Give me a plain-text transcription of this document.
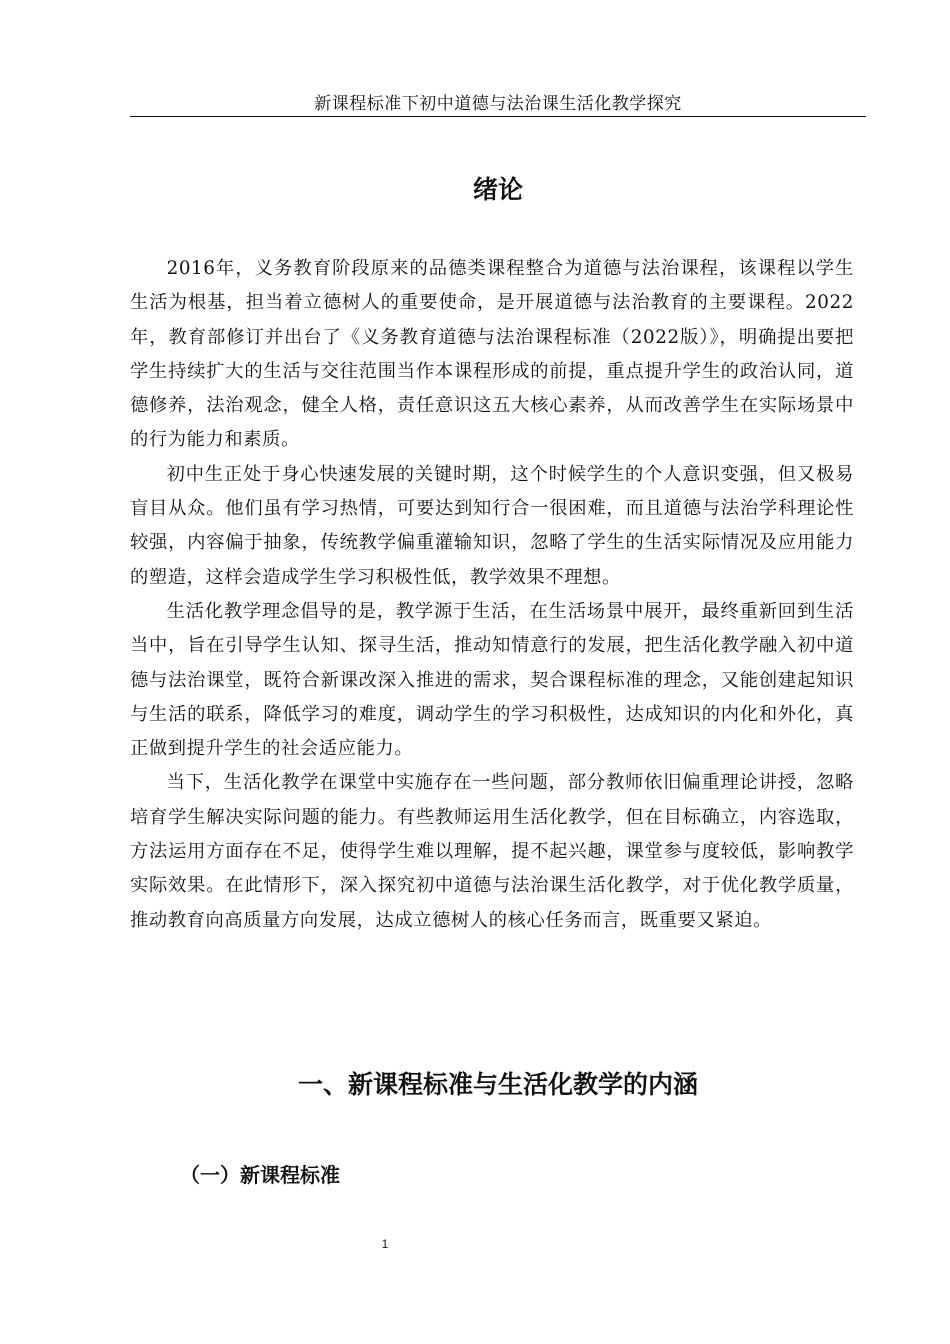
新课程标准下初中道德与法治课生活化教学探究
绪论

2016年，义务教育阶段原来的品德类课程整合为道德与法治课程，该课程以学生生活为根基，担当着立德树人的重要使命，是开展道德与法治教育的主要课程。2022年，教育部修订并出台了《义务教育道德与法治课程标准（2022版）》，明确提出要把学生持续扩大的生活与交往范围当作本课程形成的前提，重点提升学生的政治认同，道德修养，法治观念，健全人格，责任意识这五大核心素养，从而改善学生在实际场景中的行为能力和素质。

初中生正处于身心快速发展的关键时期，这个时候学生的个人意识变强，但又极易盲目从众。他们虽有学习热情，可要达到知行合一很困难，而且道德与法治学科理论性较强，内容偏于抽象，传统教学偏重灌输知识，忽略了学生的生活实际情况及应用能力的塑造，这样会造成学生学习积极性低，教学效果不理想。

生活化教学理念倡导的是，教学源于生活，在生活场景中展开，最终重新回到生活当中，旨在引导学生认知、探寻生活，推动知情意行的发展，把生活化教学融入初中道德与法治课堂，既符合新课改深入推进的需求，契合课程标准的理念，又能创建起知识与生活的联系，降低学习的难度，调动学生的学习积极性，达成知识的内化和外化，真正做到提升学生的社会适应能力。

当下，生活化教学在课堂中实施存在一些问题，部分教师依旧偏重理论讲授，忽略培育学生解决实际问题的能力。有些教师运用生活化教学，但在目标确立，内容选取，方法运用方面存在不足，使得学生难以理解，提不起兴趣，课堂参与度较低，影响教学实际效果。在此情形下，深入探究初中道德与法治课生活化教学，对于优化教学质量，推动教育向高质量方向发展，达成立德树人的核心任务而言，既重要又紧迫。

一、新课程标准与生活化教学的内涵
（一）新课程标准
1
